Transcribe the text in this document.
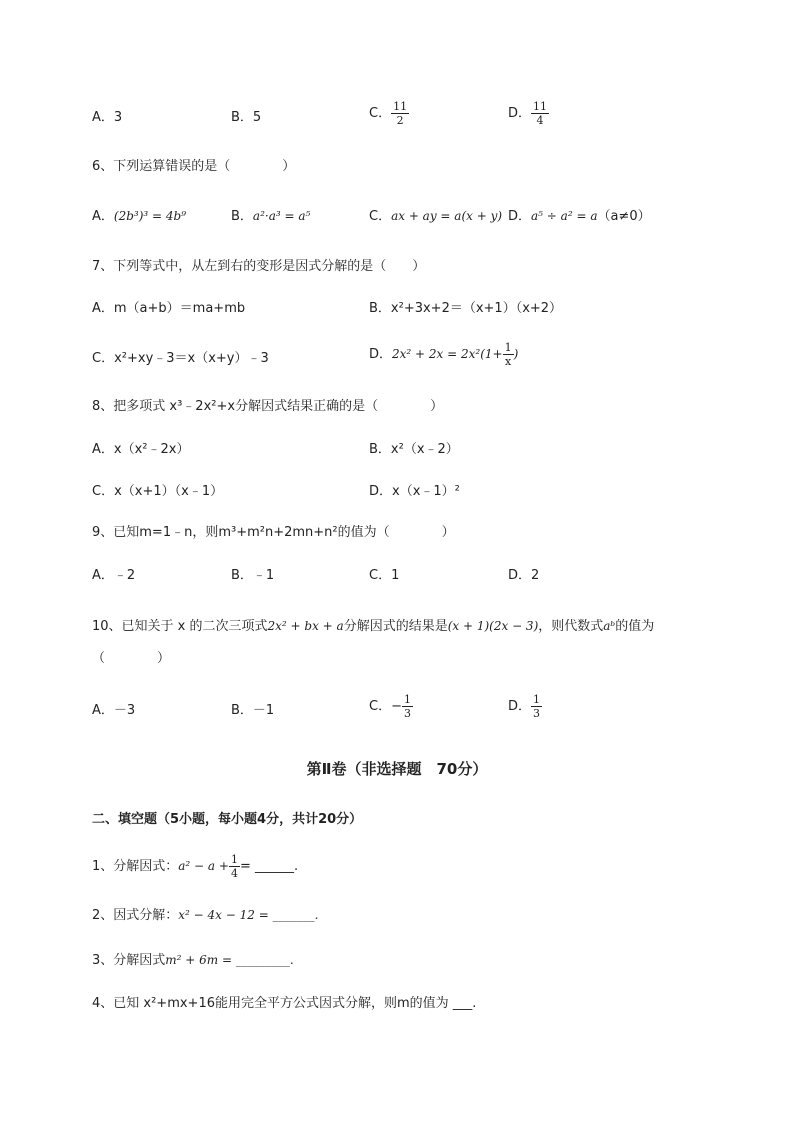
A．3	B．5	C． $\frac{11}{2}$	D． $\frac{11}{4}$
6、下列运算错误的是（　　　　）
A．(2b³)³ = 4b⁹	B．a²·a³ = a⁵	C．ax + ay = a(x + y) D．a⁵ ÷ a² = a（a≠0）
7、下列等式中，从左到右的变形是因式分解的是（　　）
A．m（a+b）＝ma+mb	B．x²+3x+2＝（x+1）（x+2）
C．x²+xy﹣3＝x（x+y）﹣3	D．$2x^2 + 2x = 2x^2(1+ \frac{1}{x}$ )
8、把多项式 x³﹣2x²+x分解因式结果正确的是（　　　　）
A．x（x²﹣2x）	B．x²（x﹣2）
C．x（x+1）（x﹣1）	D．x（x﹣1）²
9、已知m=1﹣n，则m³+m²n+2mn+n²的值为（　　　　）
A．﹣2	B．﹣1	C．1	D．2
10、已知关于 x 的二次三项式2x² + bx + a分解因式的结果是(x + 1)(2x − 3)，则代数式aᵇ的值为
（　　　　）
A．－3	B．－1	C．− $\frac{1}{3}$	D． $\frac{1}{3}$
第Ⅱ卷（非选择题　70分）
二、填空题（5小题，每小题4分，共计20分）
1、分解因式：$a^2 - a + \frac{1}{4}$ = ______.
2、因式分解：x² − 4x − 12 = _______.
3、分解因式m² + 6m = _________.
4、已知 x²+mx+16能用完全平方公式因式分解，则m的值为 ___.
